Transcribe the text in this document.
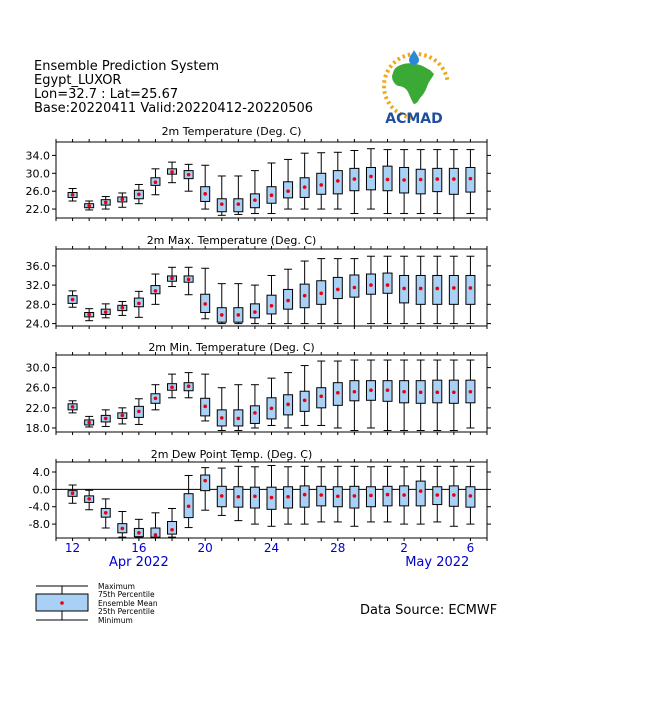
Ensemble Prediction System
Egypt_LUXOR
Lon=32.7 : Lat=25.67
Base:20220411 Valid:20220412-20220506
ACMAD
2m Temperature (Deg. C)
22.0
26.0
30.0
34.0
2m Max. Temperature (Deg. C)
24.0
28.0
32.0
36.0
2m Min. Temperature (Deg. C)
18.0
22.0
26.0
30.0
2m Dew Point Temp. (Deg. C)
-8.0
-4.0
0.0
4.0
12	16	20	24	28	2	6
Apr 2022	May 2022
Maximum
75th Percentile
Ensemble Mean
25th Percentile
Minimum
Data Source: ECMWF
